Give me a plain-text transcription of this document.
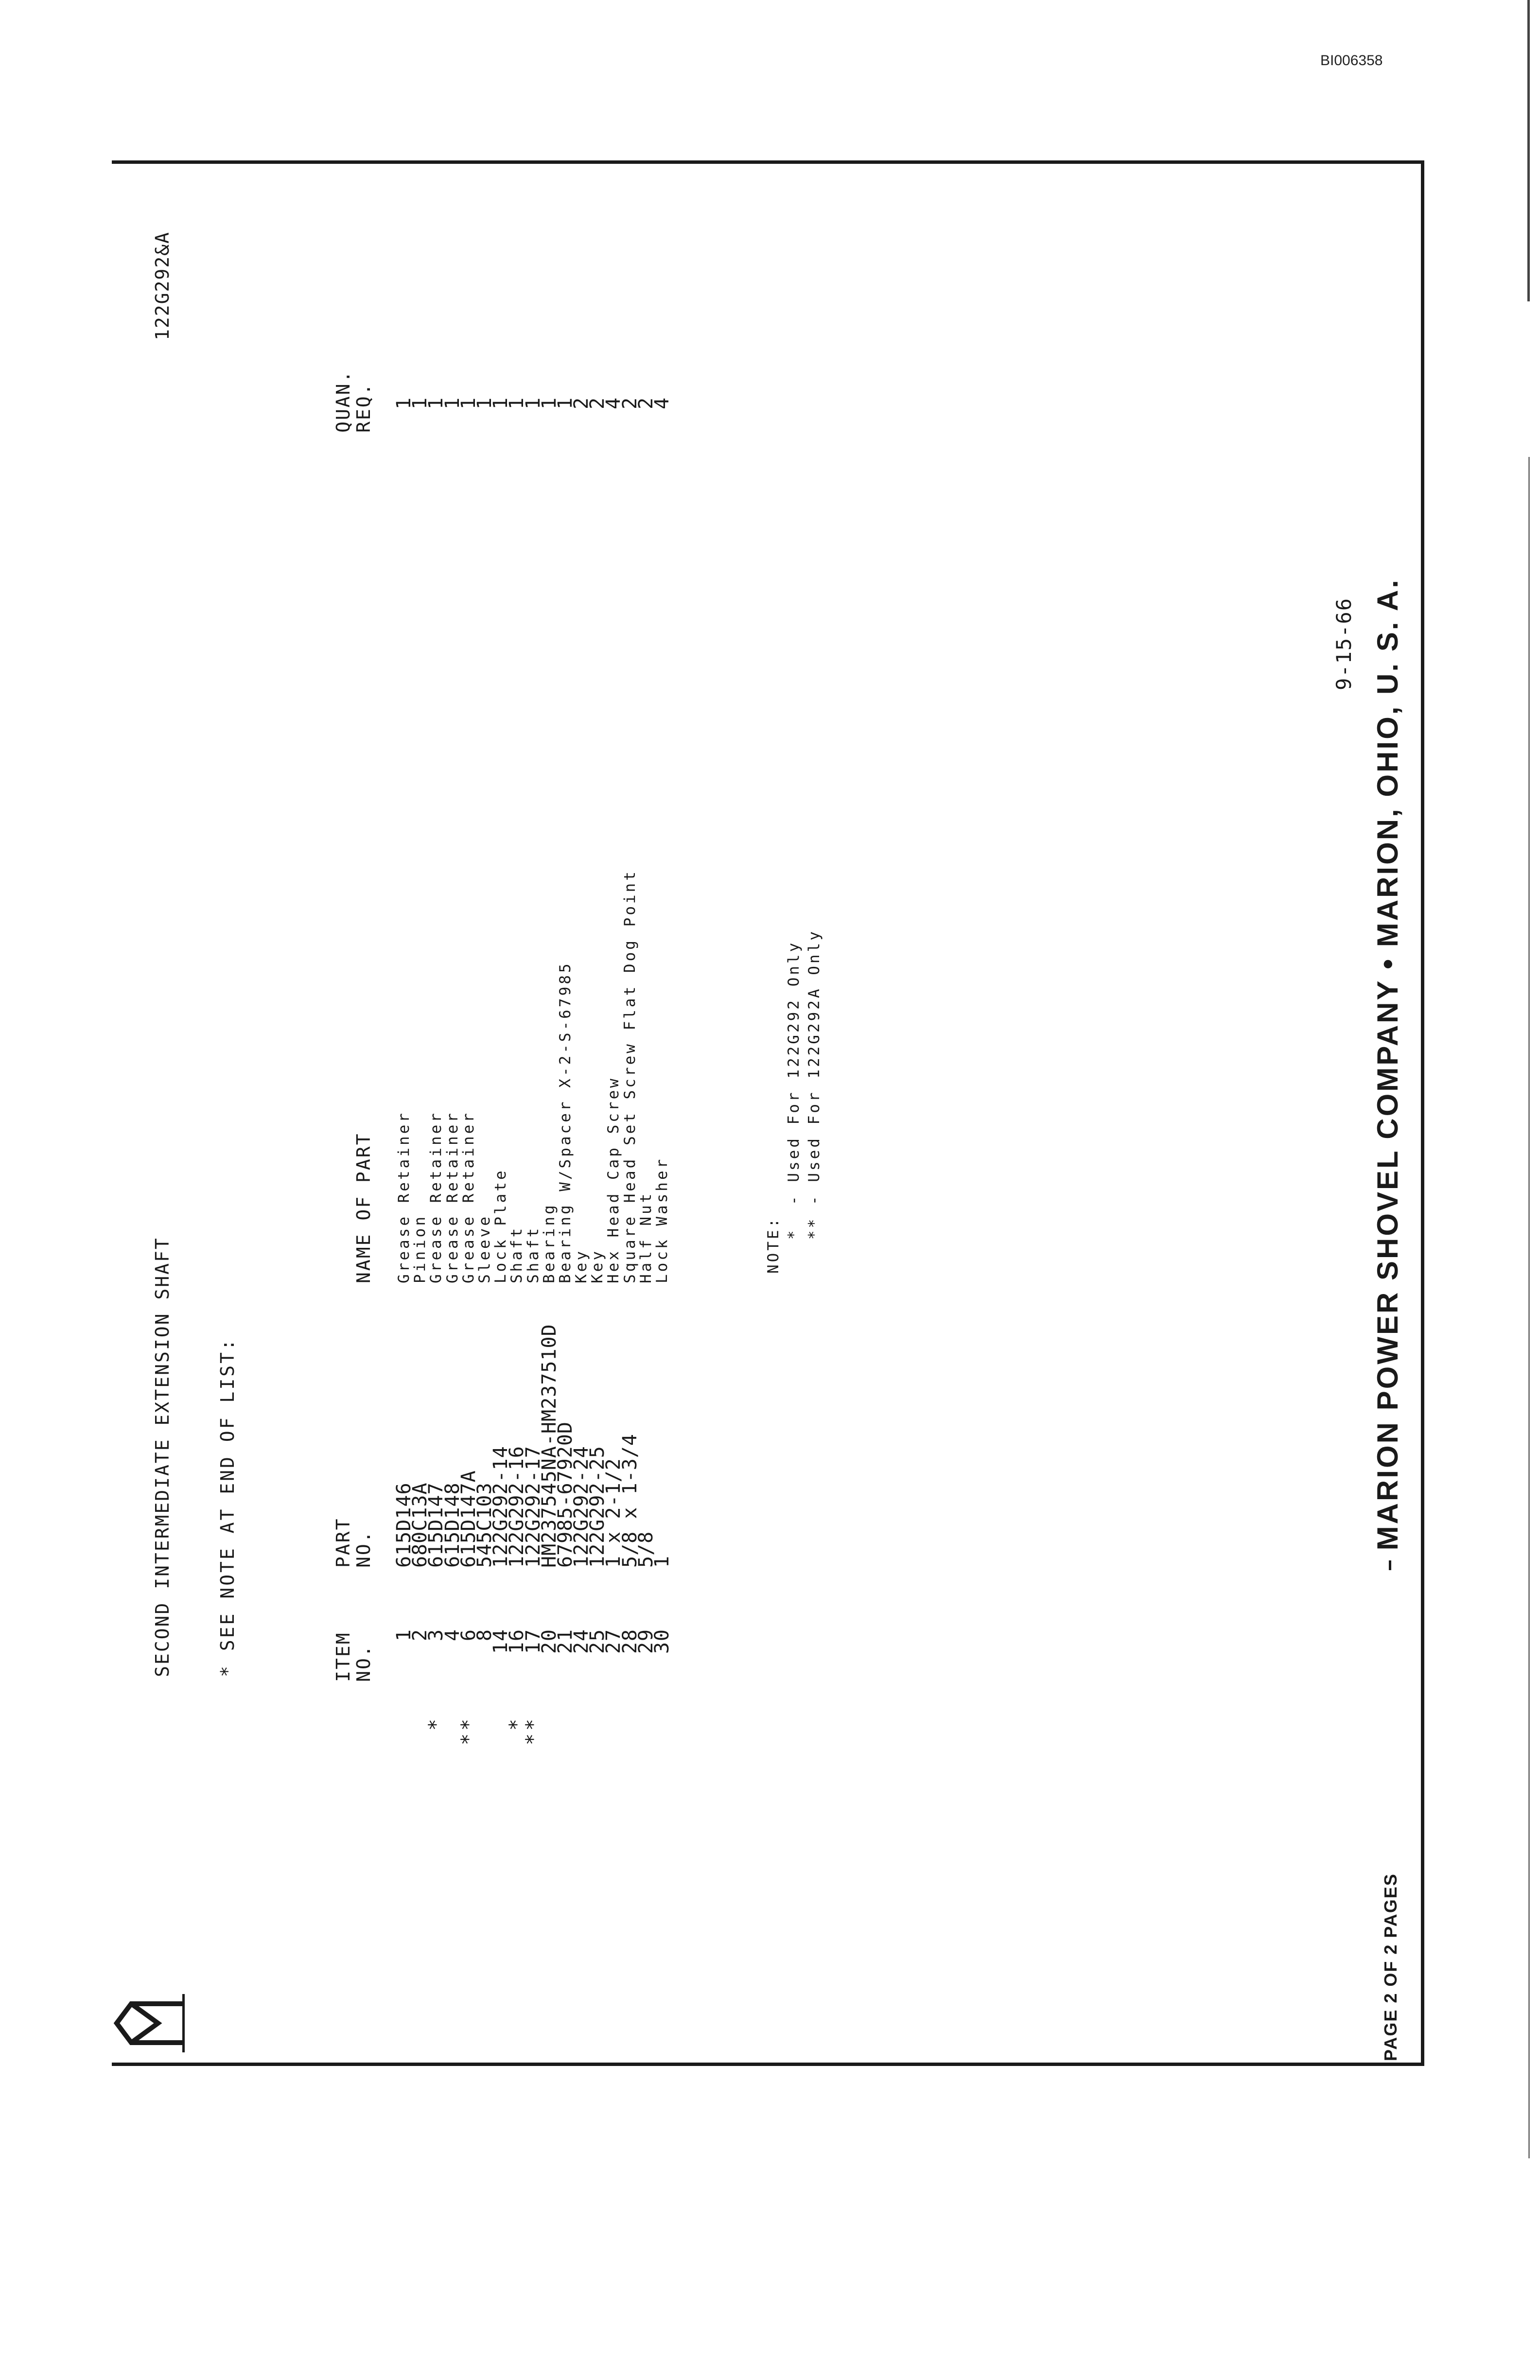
BI006358
SECOND INTERMEDIATE EXTENSION SHAFT
122G292&A
* SEE NOTE AT END OF LIST:	ITEM
NO.
PART
NO.
NAME OF PART
QUAN.
REQ.
* ** *
**
1
2
3
4
6
8
14
16
17
20
21
24
25
27
28
29
30
615D146
680C13A
615D147
615D148
615D147A
545C103
122G292-14
122G292-16
122G292-17
HM237545NA-HM237510D
67985-67920D
122G292-24
122G292-25
1 x 2-1/2
5/8 x 1-3/4
5/8
1
Grease Retainer
Pinion
Grease Retainer
Grease Retainer
Grease Retainer
Sleeve
Lock Plate
Shaft
Shaft
Bearing
Bearing W/Spacer X-2-S-67985
Key
Key
Hex Head Cap Screw
Square Head Set Screw Flat Dog Point
Half Nut
Lock Washer
1
1
1
1
1
1
1
1
1
1
1
2
2
4
2
2
4
NOTE:
*  - Used For 122G292 Only ** - Used For 122G292A Only
9-15-66
PAGE 2 OF 2 PAGES
MARION POWER SHOVEL COMPANY • MARION, OHIO, U. S. A.
